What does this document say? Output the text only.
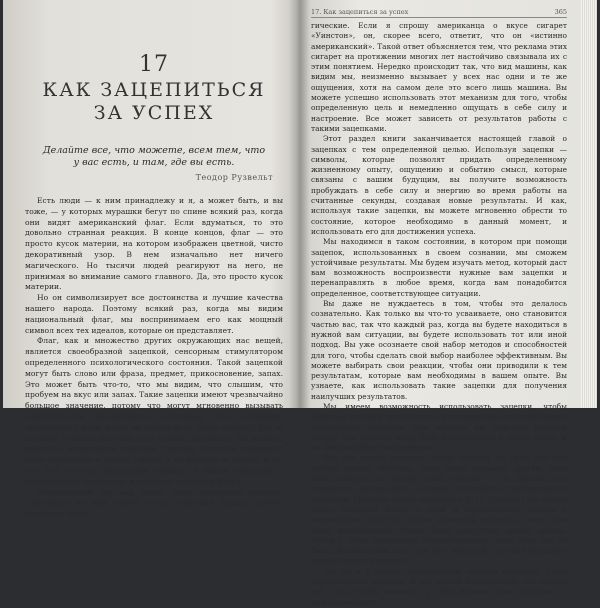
17
КАК ЗАЦЕПИТЬСЯ
ЗА УСПЕХ
Делайте все, что можете, всем тем, что у вас есть, и там, где вы есть.
Теодор Рузвельт

Есть люди — к ним принадлежу и я, а может быть, и вы тоже, — у которых мурашки бегут по спине всякий раз, когда они видят американский флаг. Если вдуматься, то это довольно странная реакция. В конце концов, флаг — это просто кусок материи, на котором изображен цветной, чисто декоративный узор. В нем изначально нет ничего магического. Но тысячи людей реагируют на него, не принимая во внимание самого главного. Да, это просто кусок материи.

Но он символизирует все достоинства и лучшие качества нашего народа. Поэтому всякий раз, когда мы видим национальный флаг, мы воспринимаем его как мощный символ всех тех идеалов, которые он представляет.

Флаг, как и множество других окружающих нас вещей, является своеобразной зацепкой, сенсорным стимулятором определенного психологического состояния. Такой зацепкой могут быть слово или фраза, предмет, прикосновение, запах. Это может быть что-то, что мы видим, что слышим, что пробуем на вкус или запах. Такие зацепки имеют чрезвычайно большое значение, потому что могут мгновенно вызывать энергетически продуктивные состояния. Что, например, происходит с вами, когда вы видите флаг своей страны? Все те высокие чувства, которые этот символ выражает. Вы можете невольно испытывать сильные чувства, которые отражают ваше отношение к вашей стране, к ее истории и людям, и то, что эти чувства неразрывно связаны в вашем сознании с конкретными символами и является символом флага.

Окружающий нас мир полон таких сенсорных зацепок. Некоторые из них имеют очень глубокий смысл, другие являются чисто

17. Как зацепиться за успех	365

гические. Если я спрошу американца о вкусе сигарет «Уинстон», он, скорее всего, ответит, что он «истинно американский». Такой ответ объясняется тем, что реклама этих сигарет на протяжении многих лет настойчиво связывала их с этим понятием. Нередко происходит так, что вид машины, как видим мы, неизменно вызывает у всех нас одни и те же ощущения, хотя на самом деле это всего лишь машина. Вы можете успешно использовать этот механизм для того, чтобы определенную цель и немедленно ощущать в себе силу и настроение. Все может зависеть от результатов работы с такими зацепками.

Этот раздел книги заканчивается настоящей главой о зацепках с тем определенной целью. Используя зацепки — символы, которые позволят придать определенному жизненному опыту, ощущению и событию смысл, которые связаны с вашим будущим, вы получите возможность пробуждать в себе силу и энергию во время работы на считанные секунды, создавая новые результаты. И как, используя такие зацепки, вы можете мгновенно обрести то состояние, которое необходимо в данный момент, и использовать его для достижения успеха.

Мы находимся в таком состоянии, в котором при помощи зацепок, использованных в своем сознании, мы сможем устойчивые результаты. Мы будем изучать метод, который даст вам возможность воспроизвести нужные вам зацепки и перенаправлять в любое время, когда вам понадобится определенное, соответствующее ситуации.

Вы даже не нуждаетесь в том, чтобы это делалось сознательно. Как только вы что-то усваиваете, оно становится частью вас, так что каждый раз, когда вы будете находиться в нужной вам ситуации, вы будете использовать тот или иной подход. Вы уже осознаете свой набор методов и способностей для того, чтобы сделать свой выбор наиболее эффективным. Вы можете выбирать свои реакции, чтобы они приводили к тем результатам, которые вам необходимы в вашем опыте. Вы узнаете, как использовать такие зацепки для получения наилучших результатов.

Мы имеем возможность использовать зацепки, чтобы добиться успеха в тех областях, в которых нам это необходимо. Научившись создавать свои зацепки, вы получите мощный ресурс. Эти зацепки могут быть использованы в любое время, и их действие будет мгновенным.

Как мы знаем, создание таких зацепок по сути, без них вообще сложно обойтись. Одна мысль вызывает другую, одна вещь следует за другой, одно чувство — за другим, так создаются ассоциации, которые становятся определенным стимулом. Помните опыты академика И. П. Павлова? Он ставил перед собаками миску с едой и одновременно звонил в колокольчик, так что собаки начинали выделять слюну при звуке колокольчика. Позже было достаточно одного звонка, чтобы у собак начиналось слюноотделение, даже если еды не было. Колокольчик стал для них зацепкой, которая вызывала определенную реакцию.

Так же и у людей: определенные зацепки вызывают у нас определенные реакции, и мы можем использовать это знание для того, чтобы вызывать у себя нужные нам состояния в нужный момент.
